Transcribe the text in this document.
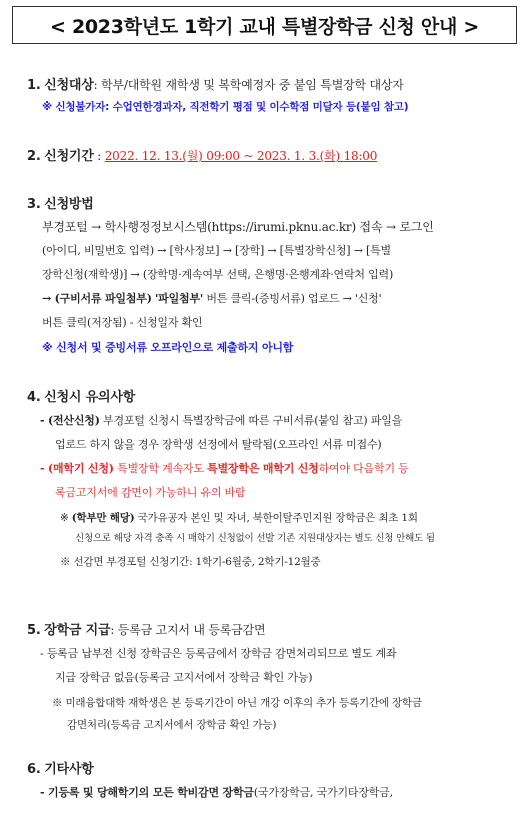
< 2023학년도 1학기 교내 특별장학금 신청 안내 >
1. 신청대상: 학부/대학원 재학생 및 복학예정자 중 붙임 특별장학 대상자
※ 신청불가자: 수업연한경과자, 직전학기 평점 및 이수학점 미달자 등(붙임 참고)
2. 신청기간 : 2022. 12. 13.(월) 09:00 ~ 2023. 1. 3.(화) 18:00
3. 신청방법
부경포털 → 학사행정정보시스템(https://irumi.pknu.ac.kr) 접속 → 로그인
(아이디, 비밀번호 입력) → [학사정보] → [장학] → [특별장학신청] → [특별
장학신청(재학생)] → (장학명·계속여부 선택, 은행명·은행계좌·연락처 입력)
→ (구비서류 파일첨부) '파일첨부' 버튼 클릭-(증빙서류) 업로드 → '신청'
버튼 클릭(저장됨) - 신청일자 확인
※ 신청서 및 증빙서류 오프라인으로 제출하지 아니함
4. 신청시 유의사항
- (전산신청) 부경포털 신청시 특별장학금에 따른 구비서류(붙임 참고) 파일을
업로드 하지 않을 경우 장학생 선정에서 탈락됨(오프라인 서류 미접수)
- (매학기 신청) 특별장학 계속자도 특별장학은 매학기 신청하여야 다음학기 등
록금고지서에 감면이 가능하니 유의 바람
※ (학부만 해당) 국가유공자 본인 및 자녀, 북한이탈주민지원 장학금은 최초 1회
신청으로 해당 자격 충족 시 매학기 신청없이 선발 기존 지원대상자는 별도 신청 안해도 됨
※ 선감면 부경포털 신청기간: 1학기-6월중, 2학기-12월중
5. 장학금 지급: 등록금 고지서 내 등록금감면
- 등록금 납부전 신청 장학금은 등록금에서 장학금 감면처리되므로 별도 계좌
지급 장학금 없음(등록금 고지서에서 장학금 확인 가능)
※ 미래융합대학 재학생은 본 등록기간이 아닌 개강 이후의 추가 등록기간에 장학금
감면처리(등록금 고지서에서 장학금 확인 가능)
6. 기타사항
- 기등록 및 당해학기의 모든 학비감면 장학금(국가장학금, 국가기타장학금,
